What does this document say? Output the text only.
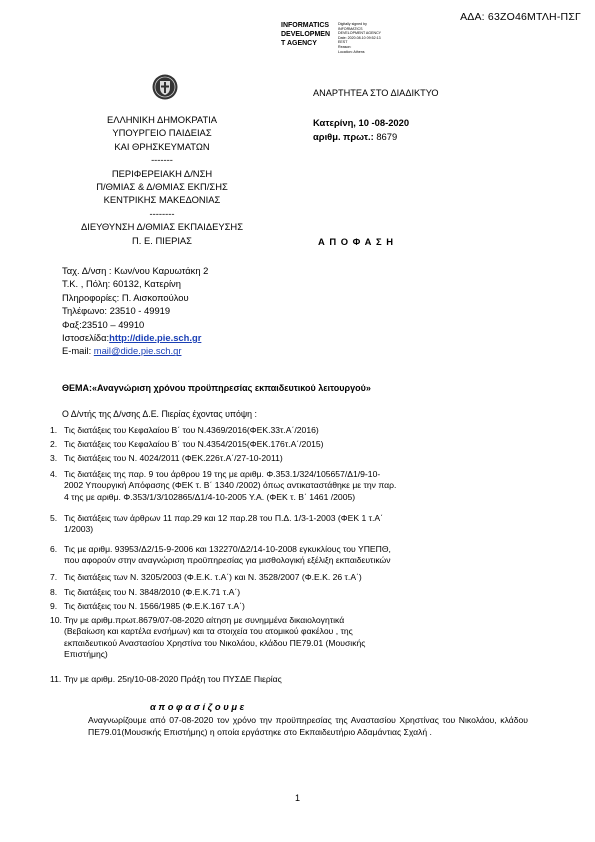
ΑΔΑ: 63ΖΟ46ΜΤΛΗ-ΠΣΓ
INFORMATICS
DEVELOPMEN
T AGENCY
Digitally signed by INFORMATICS
DEVELOPMENT AGENCY
Date: 2020.08.10 09:52:13
EEST
Reason:
Location: Athens
ΑΝΑΡΤΗΤΕΑ ΣΤΟ ΔΙΑΔΙΚΤΥΟ
ΕΛΛΗΝΙΚΗ ΔΗΜΟΚΡΑΤΙΑ
ΥΠΟΥΡΓΕΙΟ ΠΑΙΔΕΙΑΣ
ΚΑΙ ΘΡΗΣΚΕΥΜΑΤΩΝ
-------
ΠΕΡΙΦΕΡΕΙΑΚΗ Δ/ΝΣΗ
Π/ΘΜΙΑΣ & Δ/ΘΜΙΑΣ ΕΚΠ/ΣΗΣ
ΚΕΝΤΡΙΚΗΣ ΜΑΚΕΔΟΝΙΑΣ
--------
ΔΙΕΥΘΥΝΣΗ Δ/ΘΜΙΑΣ ΕΚΠΑΙΔΕΥΣΗΣ
Π. Ε. ΠΙΕΡΙΑΣ
Κατερίνη, 10 -08-2020
αριθμ. πρωτ.: 8679
Α Π Ο Φ Α Σ Η
Ταχ. Δ/νση : Κων/νου Καρυωτάκη 2
Τ.Κ. , Πόλη: 60132, Κατερίνη
Πληροφορίες: Π. Αισκοπούλου
Τηλέφωνο: 23510 - 49919
Φαξ:23510 – 49910
Ιστοσελίδα:http://dide.pie.sch.gr
E-mail: mail@dide.pie.sch.gr
ΘΕΜΑ:«Αναγνώριση χρόνου προϋπηρεσίας εκπαιδευτικού λειτουργού»
Ο Δ/ντής της Δ/νσης Δ.Ε. Πιερίας έχοντας υπόψη :
1. Τις διατάξεις του Κεφαλαίου Β΄ του Ν.4369/2016(ΦΕΚ.33τ.Α΄/2016)
2. Τις διατάξεις του Κεφαλαίου Β΄ του Ν.4354/2015(ΦΕΚ.176τ.Α΄/2015)
3. Τις διατάξεις του Ν. 4024/2011 (ΦΕΚ.226τ.Α΄/27-10-2011)
4. Τις διατάξεις της παρ. 9 του άρθρου 19 της με αριθμ. Φ.353.1/324/105657/Δ1/9-10-
2002 Υπουργική Απόφασης (ΦΕΚ τ. Β΄ 1340 /2002) όπως αντικαταστάθηκε με την παρ.
4 της με αριθμ. Φ.353/1/3/102865/Δ1/4-10-2005 Υ.Α. (ΦΕΚ τ. Β΄ 1461 /2005)
5. Τις διατάξεις των άρθρων 11 παρ.29 και 12 παρ.28 του Π.Δ. 1/3-1-2003 (ΦΕΚ 1 τ.Α΄
1/2003)
6. Τις με αριθμ. 93953/Δ2/15-9-2006 και 132270/Δ2/14-10-2008 εγκυκλίους του ΥΠΕΠΘ,
που αφορούν στην αναγνώριση προϋπηρεσίας για μισθολογική εξέλιξη εκπαιδευτικών
7. Τις διατάξεις των Ν. 3205/2003 (Φ.Ε.Κ. τ.Α΄) και Ν. 3528/2007 (Φ.Ε.Κ. 26 τ.Α΄)
8. Τις διατάξεις του Ν. 3848/2010 (Φ.Ε.Κ.71 τ.Α΄)
9. Τις διατάξεις του Ν. 1566/1985 (Φ.Ε.Κ.167 τ.Α΄)
10. Την με αριθμ.πρωτ.8679/07-08-2020 αίτηση με συνημμένα δικαιολογητικά
(Βεβαίωση και καρτέλα ενσήμων) και τα στοιχεία του ατομικού φακέλου , της
εκπαιδευτικού Αναστασίου Χρηστίνα του Νικολάου, κλάδου ΠΕ79.01 (Μουσικής
Επιστήμης)
11. Την με αριθμ. 25η/10-08-2020 Πράξη του ΠΥΣΔΕ Πιερίας
α π ο φ α σ ί ζ ο υ μ ε
Αναγνωρίζουμε από 07-08-2020 τον χρόνο την προϋπηρεσίας της Αναστασίου Χρηστίνας του Νικολάου, κλάδου ΠΕ79.01(Μουσικής Επιστήμης) η οποία εργάστηκε στο Εκπαιδευτήριο Αδαμάντιας Σχαλή .
1
